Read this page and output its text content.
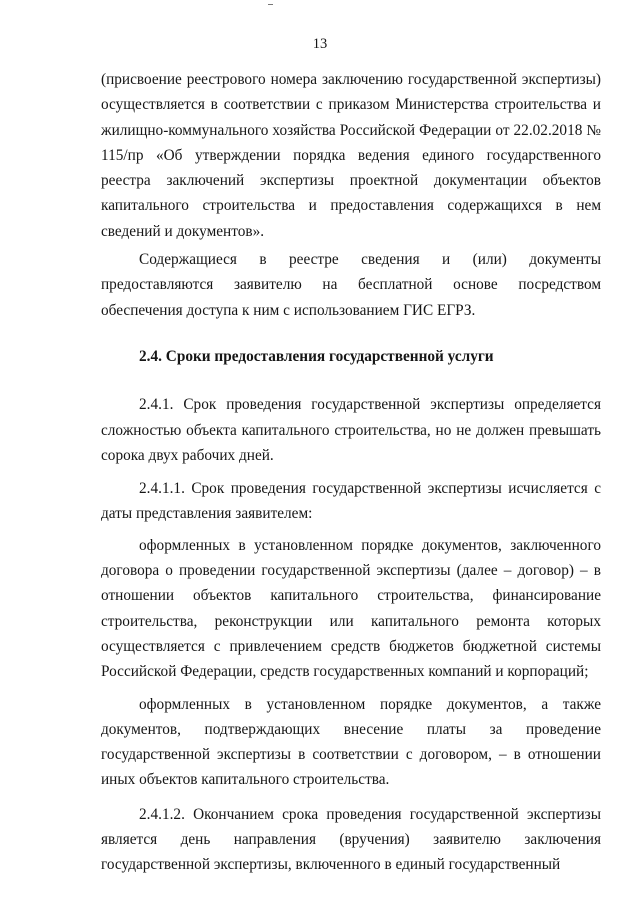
13

(присвоение реестрового номера заключению государственной экспертизы) осуществляется в соответствии с приказом Министерства строительства и жилищно-коммунального хозяйства Российской Федерации от 22.02.2018 № 115/пр «Об утверждении порядка ведения единого государственного реестра заключений экспертизы проектной документации объектов капитального строительства и предоставления содержащихся в нем сведений и документов».

Содержащиеся в реестре сведения и (или) документы предоставляются заявителю на бесплатной основе посредством обеспечения доступа к ним с использованием ГИС ЕГРЗ.

2.4. Сроки предоставления государственной услуги

2.4.1. Срок проведения государственной экспертизы определяется сложностью объекта капитального строительства, но не должен превышать сорока двух рабочих дней.

2.4.1.1. Срок проведения государственной экспертизы исчисляется с даты представления заявителем:

оформленных в установленном порядке документов, заключенного договора о проведении государственной экспертизы (далее – договор) – в отношении объектов капитального строительства, финансирование строительства, реконструкции или капитального ремонта которых осуществляется с привлечением средств бюджетов бюджетной системы Российской Федерации, средств государственных компаний и корпораций;

оформленных в установленном порядке документов, а также документов, подтверждающих внесение платы за проведение государственной экспертизы в соответствии с договором, – в отношении иных объектов капитального строительства.

2.4.1.2. Окончанием срока проведения государственной экспертизы является день направления (вручения) заявителю заключения государственной экспертизы, включенного в единый государственный
